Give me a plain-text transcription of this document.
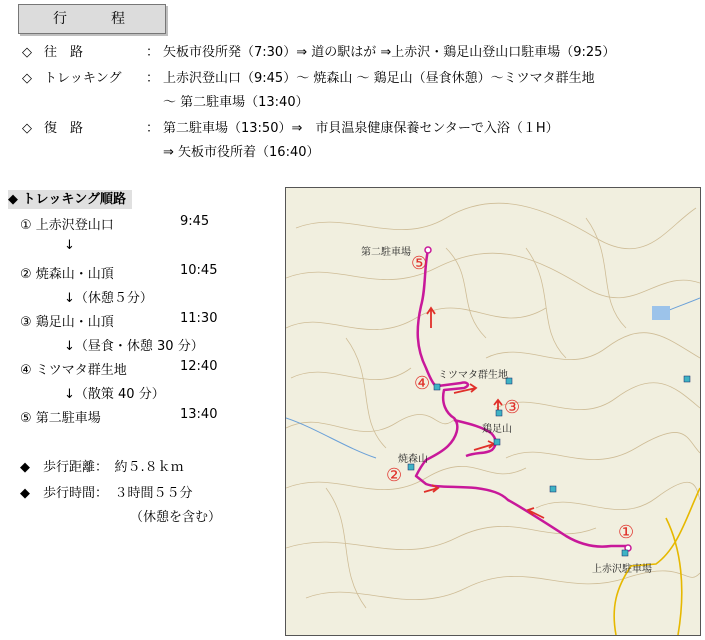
行	程
◇ 往　路	： 矢板市役所発（7:30）⇒ 道の駅はが ⇒上赤沢・鶏足山登山口駐車場（9:25）
◇ トレッキング ： 上赤沢登山口（9:45）～ 焼森山 ～ 鶏足山（昼食休憩）～ミツマタ群生地
～ 第二駐車場（13:40）
◇ 復　路	： 第二駐車場（13:50）⇒　市貝温泉健康保養センターで入浴（１H）
⇒ 矢板市役所着（16:40）
◆ トレッキング順路
① 上赤沢登山口	9:45
↓
② 焼森山・山頂	10:45
↓（休憩５分）
③ 鶏足山・山頂	11:30
↓（昼食・休憩 30 分）
④ ミツマタ群生地	12:40
↓（散策 40 分）
⑤ 第二駐車場	13:40
◆　歩行距離：　約５.８ｋｍ
◆　歩行時間：　３時間５５分
（休憩を含む）
第二駐車場
ミツマタ群生地
鶏足山
焼森山
上赤沢駐車場
⑤
④
③
②
①
